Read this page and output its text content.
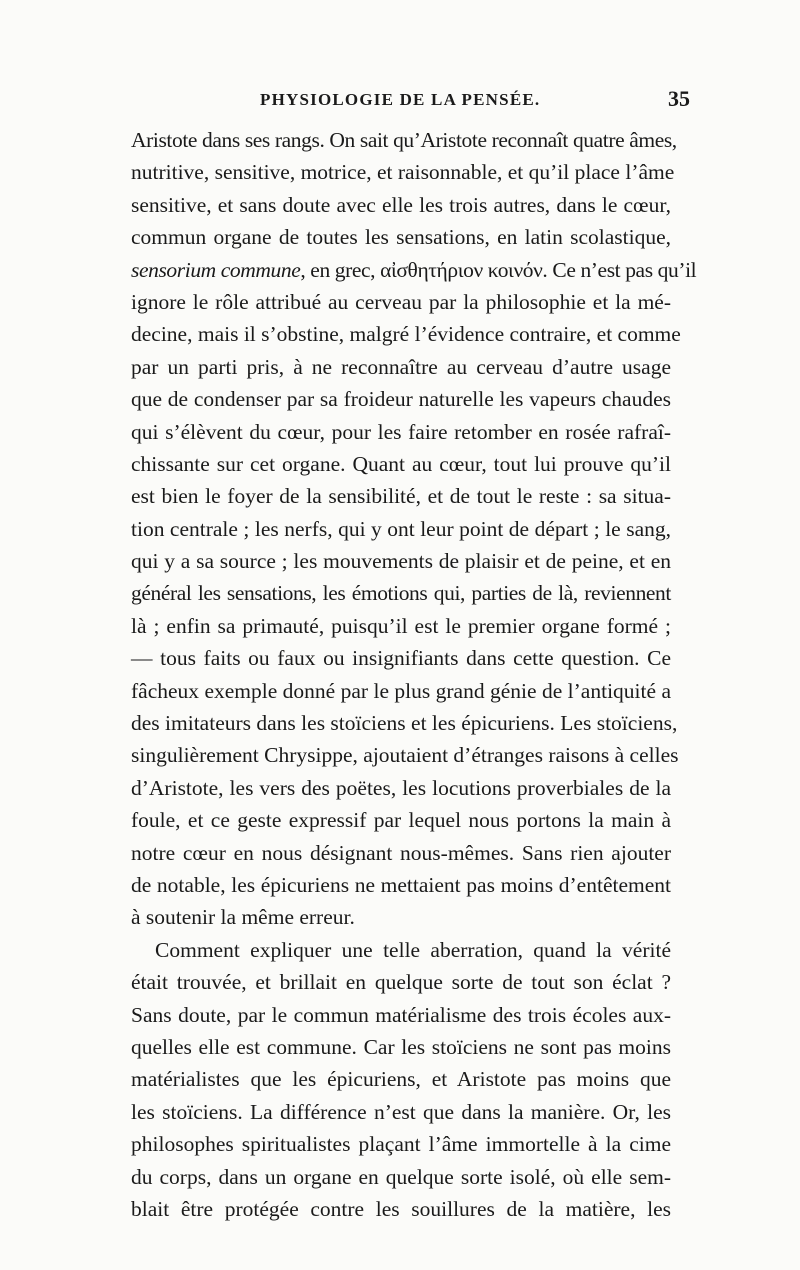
PHYSIOLOGIE DE LA PENSÉE.	35
Aristote dans ses rangs. On sait qu’Aristote reconnaît quatre âmes,
nutritive, sensitive, motrice, et raisonnable, et qu’il place l’âme
sensitive, et sans doute avec elle les trois autres, dans le cœur,
commun organe de toutes les sensations, en latin scolastique,
sensorium commune, en grec, αἰσθητήριον κοινόν. Ce n’est pas qu’il
ignore le rôle attribué au cerveau par la philosophie et la mé-
decine, mais il s’obstine, malgré l’évidence contraire, et comme
par un parti pris, à ne reconnaître au cerveau d’autre usage
que de condenser par sa froideur naturelle les vapeurs chaudes
qui s’élèvent du cœur, pour les faire retomber en rosée rafraî-
chissante sur cet organe. Quant au cœur, tout lui prouve qu’il
est bien le foyer de la sensibilité, et de tout le reste : sa situa-
tion centrale ; les nerfs, qui y ont leur point de départ ; le sang,
qui y a sa source ; les mouvements de plaisir et de peine, et en
général les sensations, les émotions qui, parties de là, reviennent
là ; enfin sa primauté, puisqu’il est le premier organe formé ;
— tous faits ou faux ou insignifiants dans cette question. Ce
fâcheux exemple donné par le plus grand génie de l’antiquité a
des imitateurs dans les stoïciens et les épicuriens. Les stoïciens,
singulièrement Chrysippe, ajoutaient d’étranges raisons à celles
d’Aristote, les vers des poëtes, les locutions proverbiales de la
foule, et ce geste expressif par lequel nous portons la main à
notre cœur en nous désignant nous-mêmes. Sans rien ajouter
de notable, les épicuriens ne mettaient pas moins d’entêtement
à soutenir la même erreur.
Comment expliquer une telle aberration, quand la vérité
était trouvée, et brillait en quelque sorte de tout son éclat ?
Sans doute, par le commun matérialisme des trois écoles aux-
quelles elle est commune. Car les stoïciens ne sont pas moins
matérialistes que les épicuriens, et Aristote pas moins que
les stoïciens. La différence n’est que dans la manière. Or, les
philosophes spiritualistes plaçant l’âme immortelle à la cime
du corps, dans un organe en quelque sorte isolé, où elle sem-
blait être protégée contre les souillures de la matière, les
